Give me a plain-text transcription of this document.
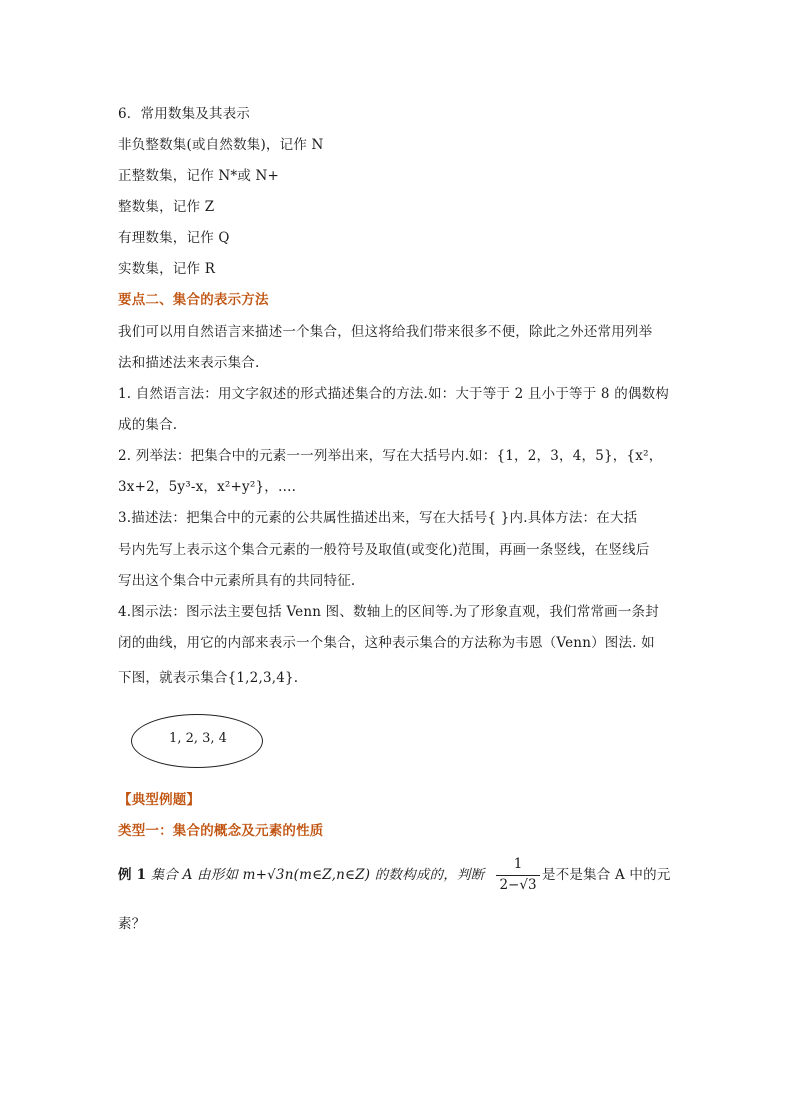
6．常用数集及其表示
非负整数集(或自然数集)，记作 N
正整数集，记作 N*或 N+
整数集，记作 Z
有理数集，记作 Q
实数集，记作 R
要点二、集合的表示方法
我们可以用自然语言来描述一个集合，但这将给我们带来很多不便，除此之外还常用列举
法和描述法来表示集合.
1. 自然语言法：用文字叙述的形式描述集合的方法.如：大于等于 2 且小于等于 8 的偶数构
成的集合.
2. 列举法：把集合中的元素一一列举出来，写在大括号内.如：{1，2，3，4，5}，{x²，
3x+2，5y³-x，x²+y²}，….
3.描述法：把集合中的元素的公共属性描述出来，写在大括号{ }内.具体方法：在大括
号内先写上表示这个集合元素的一般符号及取值(或变化)范围，再画一条竖线，在竖线后
写出这个集合中元素所具有的共同特征.
4.图示法：图示法主要包括 Venn 图、数轴上的区间等.为了形象直观，我们常常画一条封
闭的曲线，用它的内部来表示一个集合，这种表示集合的方法称为韦恩（Venn）图法. 如
下图，就表示集合{1,2,3,4}.
1, 2, 3, 4
【典型例题】
类型一：集合的概念及元素的性质
例 1 集合 A 由形如 m+√3n(m∈Z,n∈Z) 的数构成的，判断
1
2−√3
是不是集合 A 中的元
素？
